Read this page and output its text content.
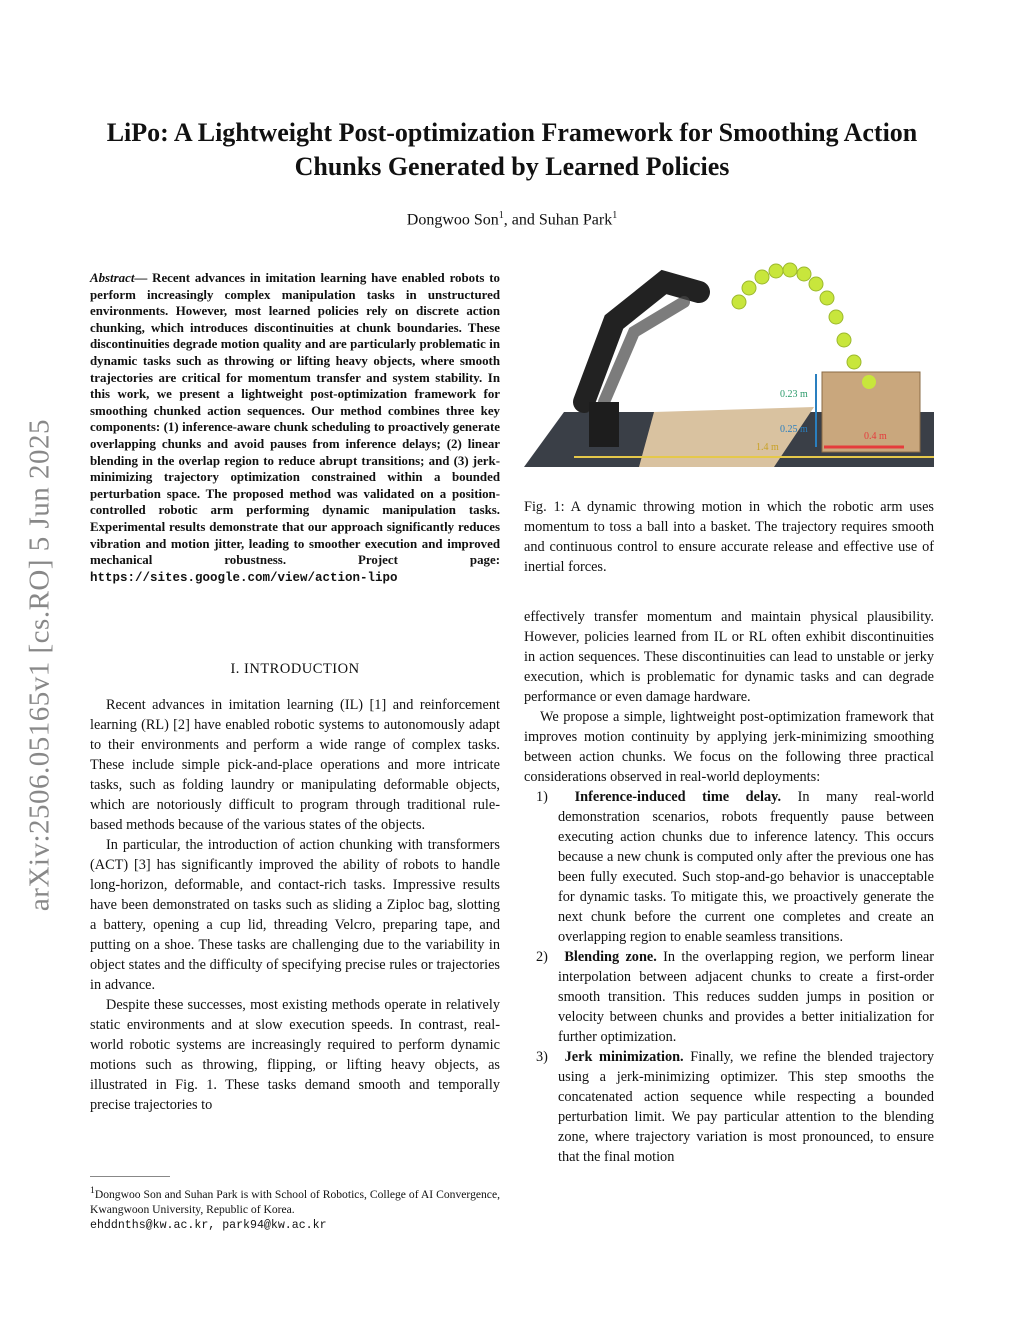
LiPo: A Lightweight Post-optimization Framework for Smoothing Action Chunks Generated by Learned Policies
Dongwoo Son$^1$, and Suhan Park$^1$
arXiv:2506.05165v1 [cs.RO] 5 Jun 2025
Abstract— Recent advances in imitation learning have enabled robots to perform increasingly complex manipulation tasks in unstructured environments. However, most learned policies rely on discrete action chunking, which introduces discontinuities at chunk boundaries. These discontinuities degrade motion quality and are particularly problematic in dynamic tasks such as throwing or lifting heavy objects, where smooth trajectories are critical for momentum transfer and system stability. In this work, we present a lightweight post-optimization framework for smoothing chunked action sequences. Our method combines three key components: (1) inference-aware chunk scheduling to proactively generate overlapping chunks and avoid pauses from inference delays; (2) linear blending in the overlap region to reduce abrupt transitions; and (3) jerk-minimizing trajectory optimization constrained within a bounded perturbation space. The proposed method was validated on a position-controlled robotic arm performing dynamic manipulation tasks. Experimental results demonstrate that our approach significantly reduces vibration and motion jitter, leading to smoother execution and improved mechanical robustness. Project page: https://sites.google.com/view/action-lipo
I. INTRODUCTION

Recent advances in imitation learning (IL) [1] and reinforcement learning (RL) [2] have enabled robotic systems to autonomously adapt to their environments and perform a wide range of complex tasks. These include simple pick-and-place operations and more intricate tasks, such as folding laundry or manipulating deformable objects, which are notoriously difficult to program through traditional rule-based methods because of the various states of the objects.

In particular, the introduction of action chunking with transformers (ACT) [3] has significantly improved the ability of robots to handle long-horizon, deformable, and contact-rich tasks. Impressive results have been demonstrated on tasks such as sliding a Ziploc bag, slotting a battery, opening a cup lid, threading Velcro, preparing tape, and putting on a shoe. These tasks are challenging due to the variability in object states and the difficulty of specifying precise rules or trajectories in advance.

Despite these successes, most existing methods operate in relatively static environments and at slow execution speeds. In contrast, real-world robotic systems are increasingly required to perform dynamic motions such as throwing, flipping, or lifting heavy objects, as illustrated in Fig. 1. These tasks demand smooth and temporally precise trajectories to

$^1$Dongwoo Son and Suhan Park is with School of Robotics, College of AI Convergence, Kwangwoon University, Republic of Korea.
ehddnths@kw.ac.kr, park94@kw.ac.kr
1.4 m
0.4 m
0.23 m
0.25 m
Fig. 1: A dynamic throwing motion in which the robotic arm uses momentum to toss a ball into a basket. The trajectory requires smooth and continuous control to ensure accurate release and effective use of inertial forces.

effectively transfer momentum and maintain physical plausibility. However, policies learned from IL or RL often exhibit discontinuities in action sequences. These discontinuities can lead to unstable or jerky execution, which is problematic for dynamic tasks and can degrade performance or even damage hardware.

We propose a simple, lightweight post-optimization framework that improves motion continuity by applying jerk-minimizing smoothing between action chunks. We focus on the following three practical considerations observed in real-world deployments:

1) Inference-induced time delay. In many real-world demonstration scenarios, robots frequently pause between executing action chunks due to inference latency. This occurs because a new chunk is computed only after the previous one has been fully executed. Such stop-and-go behavior is unacceptable for dynamic tasks. To mitigate this, we proactively generate the next chunk before the current one completes and create an overlapping region to enable seamless transitions.
2) Blending zone. In the overlapping region, we perform linear interpolation between adjacent chunks to create a first-order smooth transition. This reduces sudden jumps in position or velocity between chunks and provides a better initialization for further optimization.
3) Jerk minimization. Finally, we refine the blended trajectory using a jerk-minimizing optimizer. This step smooths the concatenated action sequence while respecting a bounded perturbation limit. We pay particular attention to the blending zone, where trajectory variation is most pronounced, to ensure that the final motion
